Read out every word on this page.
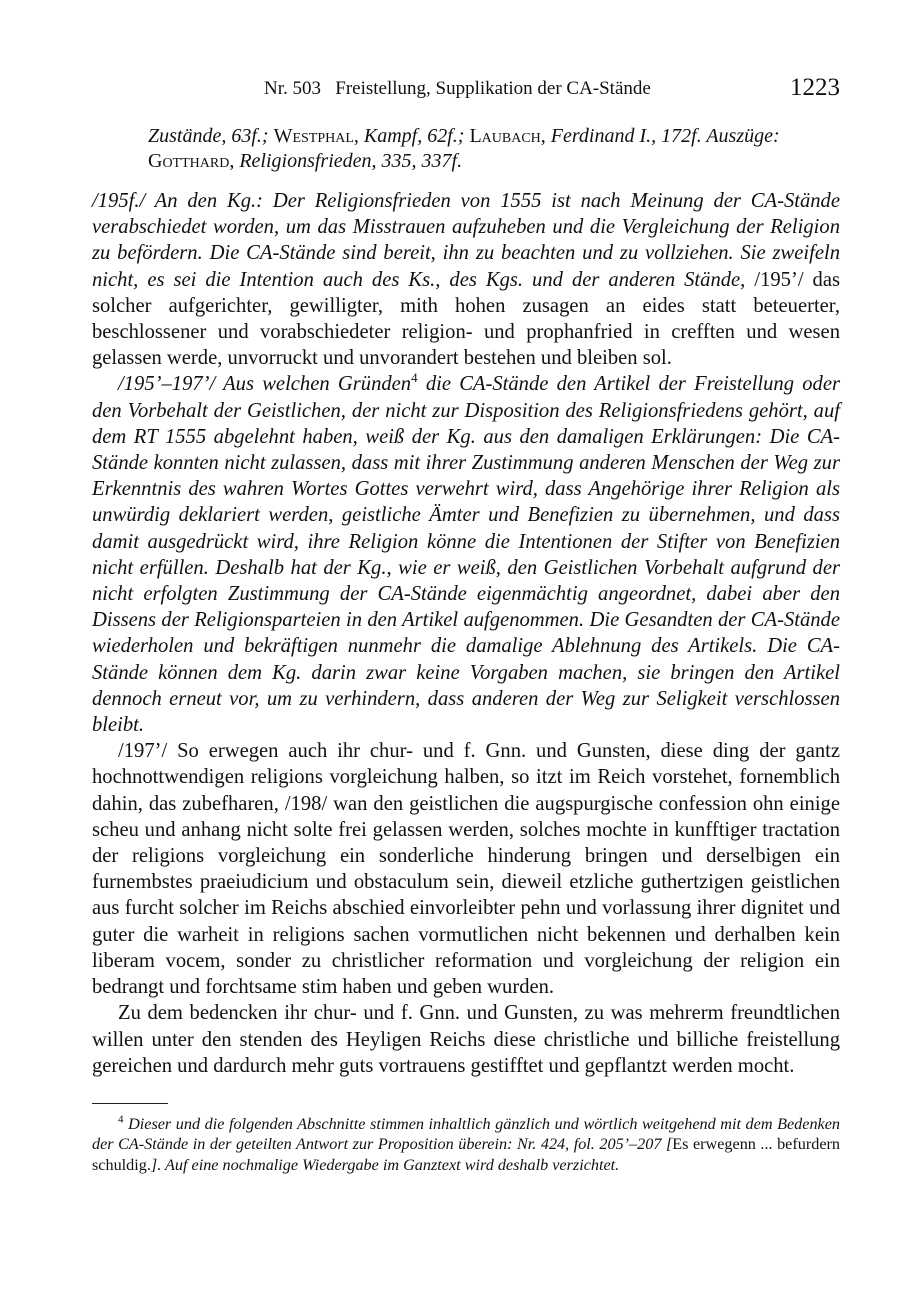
Nr. 503   Freistellung, Supplikation der CA-Stände	1223
Zustände, 63f.; Westphal, Kampf, 62f.; Laubach, Ferdinand I., 172f. Auszüge:
Gotthard, Religionsfrieden, 335, 337f.

/195f./ An den Kg.: Der Religionsfrieden von 1555 ist nach Meinung der CA-Stände verabschiedet worden, um das Misstrauen aufzuheben und die Vergleichung der Religion zu befördern. Die CA-Stände sind bereit, ihn zu beachten und zu vollziehen. Sie zweifeln nicht, es sei die Intention auch des Ks., des Kgs. und der anderen Stände, /195’/ das solcher aufgerichter, gewilligter, mith hohen zusagen an eides statt beteuerter, beschlossener und vorabschiedeter religion- und prophanfried in crefften und wesen gelassen werde, unvorruckt und unvorandert bestehen und bleiben sol.

/195’–197’/ Aus welchen Gründen$^4$ die CA-Stände den Artikel der Freistellung oder den Vorbehalt der Geistlichen, der nicht zur Disposition des Religionsfriedens gehört, auf dem RT 1555 abgelehnt haben, weiß der Kg. aus den damaligen Erklärungen: Die CA-Stände konnten nicht zulassen, dass mit ihrer Zustimmung anderen Menschen der Weg zur Erkenntnis des wahren Wortes Gottes verwehrt wird, dass Angehörige ihrer Religion als unwürdig deklariert werden, geistliche Ämter und Benefizien zu übernehmen, und dass damit ausgedrückt wird, ihre Religion könne die Intentionen der Stifter von Benefizien nicht erfüllen. Deshalb hat der Kg., wie er weiß, den Geistlichen Vorbehalt aufgrund der nicht erfolgten Zustimmung der CA-Stände eigenmächtig angeordnet, dabei aber den Dissens der Religionsparteien in den Artikel aufgenommen. Die Gesandten der CA-Stände wiederholen und bekräftigen nunmehr die damalige Ablehnung des Artikels. Die CA-Stände können dem Kg. darin zwar keine Vorgaben machen, sie bringen den Artikel dennoch erneut vor, um zu verhindern, dass anderen der Weg zur Seligkeit verschlossen bleibt.

/197’/ So erwegen auch ihr chur- und f. Gnn. und Gunsten, diese ding der gantz hochnottwendigen religions vorgleichung halben, so itzt im Reich vorstehet, fornemblich dahin, das zubefharen, /198/ wan den geistlichen die augspurgische confession ohn einige scheu und anhang nicht solte frei gelassen werden, solches mochte in kunfftiger tractation der religions vorgleichung ein sonderliche hinderung bringen und derselbigen ein furnembstes praeiudicium und obstaculum sein, dieweil etzliche guthertzigen geistlichen aus furcht solcher im Reichs abschied einvorleibter pehn und vorlassung ihrer dignitet und guter die warheit in religions sachen vormutlichen nicht bekennen und derhalben kein liberam vocem, sonder zu christlicher reformation und vorgleichung der religion ein bedrangt und forchtsame stim haben und geben wurden.

Zu dem bedencken ihr chur- und f. Gnn. und Gunsten, zu was mehrerm freundtlichen willen unter den stenden des Heyligen Reichs diese christliche und billiche freistellung gereichen und dardurch mehr guts vortrauens gestifftet und gepflantzt werden mocht.

$^4$ Dieser und die folgenden Abschnitte stimmen inhaltlich gänzlich und wörtlich weitgehend mit dem Bedenken der CA-Stände in der geteilten Antwort zur Proposition überein: Nr. 424, fol. 205’–207 [Es erwegenn ... befurdern schuldig.]. Auf eine nochmalige Wiedergabe im Ganztext wird deshalb verzichtet.
